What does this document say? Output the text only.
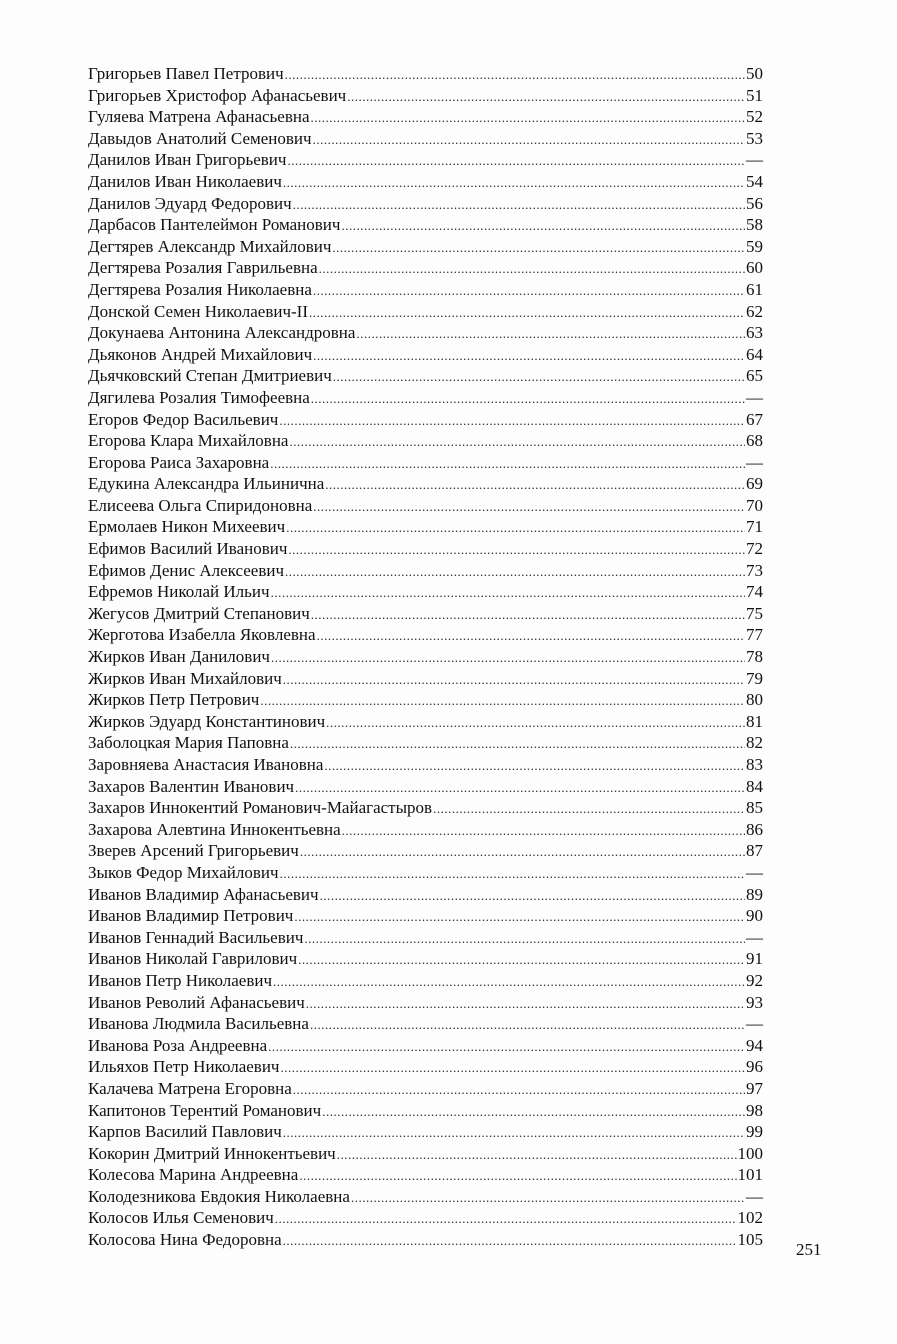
Григорьев Павел Петрович .....	50
Григорьев Христофор Афанасьевич .....	51
Гуляева Матрена Афанасьевна .....	52
Давыдов Анатолий Семенович .....	53
Данилов Иван Григорьевич .....	—
Данилов Иван Николаевич .....	54
Данилов Эдуард Федорович .....	56
Дарбасов Пантелеймон Романович .....	58
Дегтярев Александр Михайлович .....	59
Дегтярева Розалия Гаврильевна .....	60
Дегтярева Розалия Николаевна .....	61
Донской Семен Николаевич-II .....	62
Докунаева Антонина Александровна .....	63
Дьяконов Андрей Михайлович .....	64
Дьячковский Степан Дмитриевич .....	65
Дягилева Розалия Тимофеевна .....	—
Егоров Федор Васильевич .....	67
Егорова Клара Михайловна .....	68
Егорова Раиса Захаровна .....	—
Едукина Александра Ильинична .....	69
Елисеева Ольга Спиридоновна .....	70
Ермолаев Никон Михеевич .....	71
Ефимов Василий Иванович .....	72
Ефимов Денис Алексеевич .....	73
Ефремов Николай Ильич .....	74
Жегусов Дмитрий Степанович .....	75
Жерготова Изабелла Яковлевна .....	77
Жирков Иван Данилович .....	78
Жирков Иван Михайлович .....	79
Жирков Петр Петрович .....	80
Жирков Эдуард Константинович .....	81
Заболоцкая Мария Паповна .....	82
Заровняева Анастасия Ивановна .....	83
Захаров Валентин Иванович .....	84
Захаров Иннокентий Романович-Майагастыров .....	85
Захарова Алевтина Иннокентьевна .....	86
Зверев Арсений Григорьевич .....	87
Зыков Федор Михайлович .....	—
Иванов Владимир Афанасьевич .....	89
Иванов Владимир Петрович .....	90
Иванов Геннадий Васильевич .....	—
Иванов Николай Гаврилович .....	91
Иванов Петр Николаевич .....	92
Иванов Револий Афанасьевич .....	93
Иванова Людмила Васильевна .....	—
Иванова Роза Андреевна .....	94
Ильяхов Петр Николаевич .....	96
Калачева Матрена Егоровна .....	97
Капитонов Терентий Романович .....	98
Карпов Василий Павлович .....	99
Кокорин Дмитрий Иннокентьевич .....	100
Колесова Марина Андреевна .....	101
Колодезникова Евдокия Николаевна .....	—
Колосов Илья Семенович .....	102
Колосова Нина Федоровна .....	105
251
